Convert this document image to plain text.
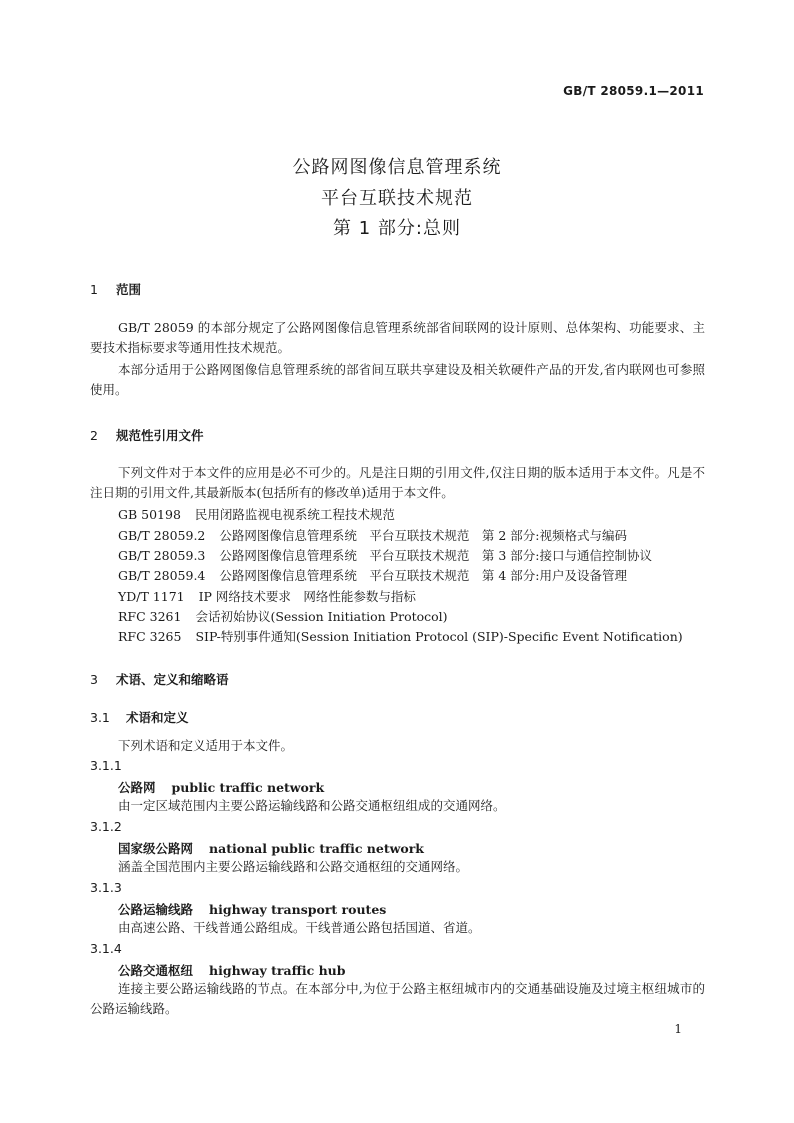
GB/T 28059.1—2011
公路网图像信息管理系统
平台互联技术规范
第 1 部分:总则
1 范围
GB/T 28059 的本部分规定了公路网图像信息管理系统部省间联网的设计原则、总体架构、功能要求、主要技术指标要求等通用性技术规范。
本部分适用于公路网图像信息管理系统的部省间互联共享建设及相关软硬件产品的开发,省内联网也可参照使用。
2 规范性引用文件
下列文件对于本文件的应用是必不可少的。凡是注日期的引用文件,仅注日期的版本适用于本文件。凡是不注日期的引用文件,其最新版本(包括所有的修改单)适用于本文件。
GB 50198 民用闭路监视电视系统工程技术规范
GB/T 28059.2 公路网图像信息管理系统　平台互联技术规范　第 2 部分:视频格式与编码
GB/T 28059.3 公路网图像信息管理系统　平台互联技术规范　第 3 部分:接口与通信控制协议
GB/T 28059.4 公路网图像信息管理系统　平台互联技术规范　第 4 部分:用户及设备管理
YD/T 1171 IP 网络技术要求　网络性能参数与指标
RFC 3261 会话初始协议(Session Initiation Protocol)
RFC 3265 SIP-特别事件通知(Session Initiation Protocol (SIP)-Specific Event Notification)
3 术语、定义和缩略语
3.1 术语和定义
下列术语和定义适用于本文件。
3.1.1
公路网 public traffic network
由一定区域范围内主要公路运输线路和公路交通枢纽组成的交通网络。
3.1.2
国家级公路网 national public traffic network
涵盖全国范围内主要公路运输线路和公路交通枢纽的交通网络。
3.1.3
公路运输线路 highway transport routes
由高速公路、干线普通公路组成。干线普通公路包括国道、省道。
3.1.4
公路交通枢纽 highway traffic hub
连接主要公路运输线路的节点。在本部分中,为位于公路主枢纽城市内的交通基础设施及过境主枢纽城市的公路运输线路。
1
